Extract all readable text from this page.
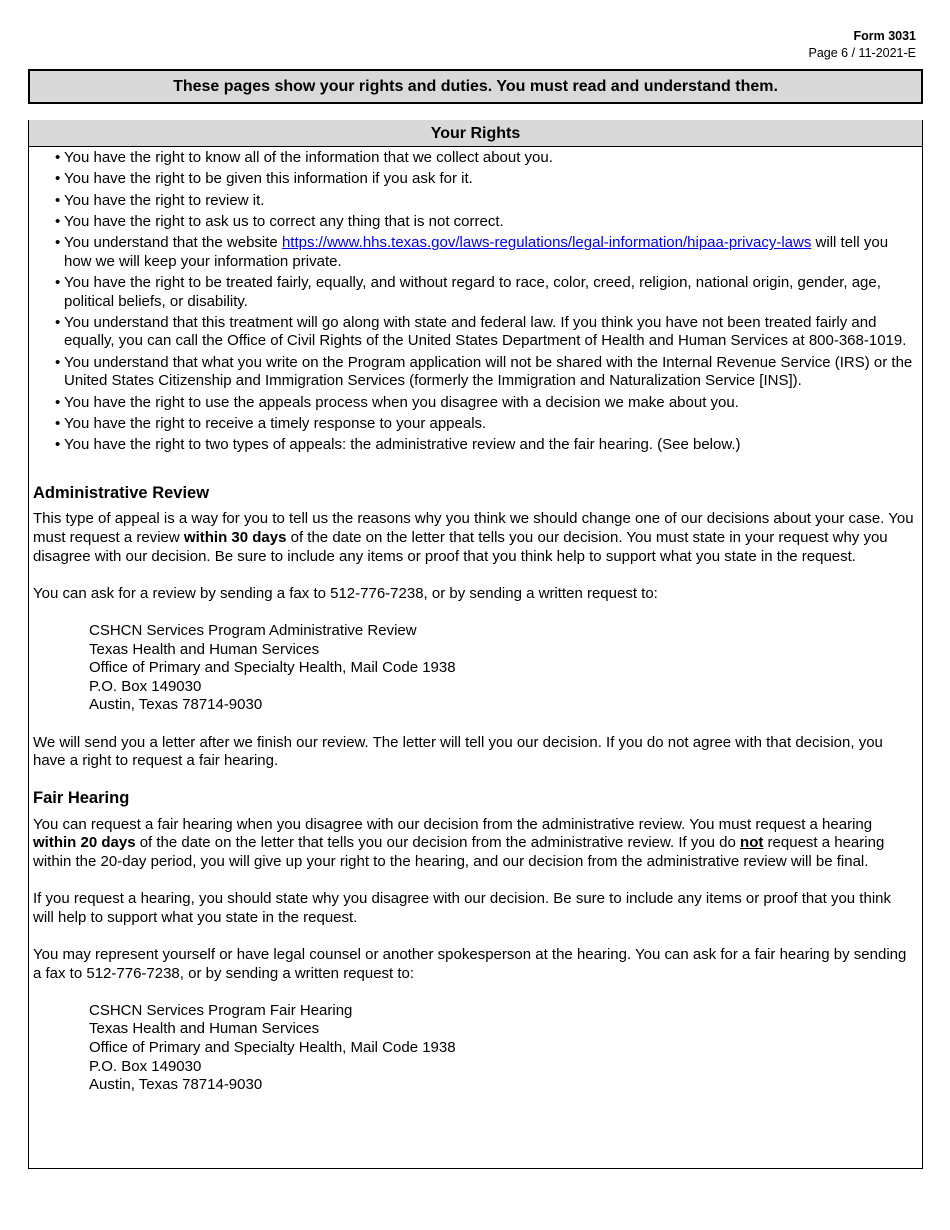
Form 3031
Page 6 / 11-2021-E
These pages show your rights and duties. You must read and understand them.
Your Rights
• You have the right to know all of the information that we collect about you.
• You have the right to be given this information if you ask for it.
• You have the right to review it.
• You have the right to ask us to correct any thing that is not correct.
• You understand that the website https://www.hhs.texas.gov/laws-regulations/legal-information/hipaa-privacy-laws will tell you how we will keep your information private.
• You have the right to be treated fairly, equally, and without regard to race, color, creed, religion, national origin, gender, age, political beliefs, or disability.
• You understand that this treatment will go along with state and federal law. If you think you have not been treated fairly and equally, you can call the Office of Civil Rights of the United States Department of Health and Human Services at 800-368-1019.
• You understand that what you write on the Program application will not be shared with the Internal Revenue Service (IRS) or the United States Citizenship and Immigration Services (formerly the Immigration and Naturalization Service [INS]).
• You have the right to use the appeals process when you disagree with a decision we make about you.
• You have the right to receive a timely response to your appeals.
• You have the right to two types of appeals: the administrative review and the fair hearing. (See below.)
Administrative Review

This type of appeal is a way for you to tell us the reasons why you think we should change one of our decisions about your case. You must request a review within 30 days of the date on the letter that tells you our decision. You must state in your request why you disagree with our decision. Be sure to include any items or proof that you think help to support what you state in the request.

You can ask for a review by sending a fax to 512-776-7238, or by sending a written request to:

CSHCN Services Program Administrative Review
Texas Health and Human Services
Office of Primary and Specialty Health, Mail Code 1938
P.O. Box 149030
Austin, Texas 78714-9030

We will send you a letter after we finish our review. The letter will tell you our decision. If you do not agree with that decision, you have a right to request a fair hearing.

Fair Hearing

You can request a fair hearing when you disagree with our decision from the administrative review. You must request a hearing within 20 days of the date on the letter that tells you our decision from the administrative review. If you do not request a hearing within the 20-day period, you will give up your right to the hearing, and our decision from the administrative review will be final.

If you request a hearing, you should state why you disagree with our decision. Be sure to include any items or proof that you think will help to support what you state in the request.

You may represent yourself or have legal counsel or another spokesperson at the hearing. You can ask for a fair hearing by sending a fax to 512-776-7238, or by sending a written request to:

CSHCN Services Program Fair Hearing
Texas Health and Human Services
Office of Primary and Specialty Health, Mail Code 1938
P.O. Box 149030
Austin, Texas 78714-9030
